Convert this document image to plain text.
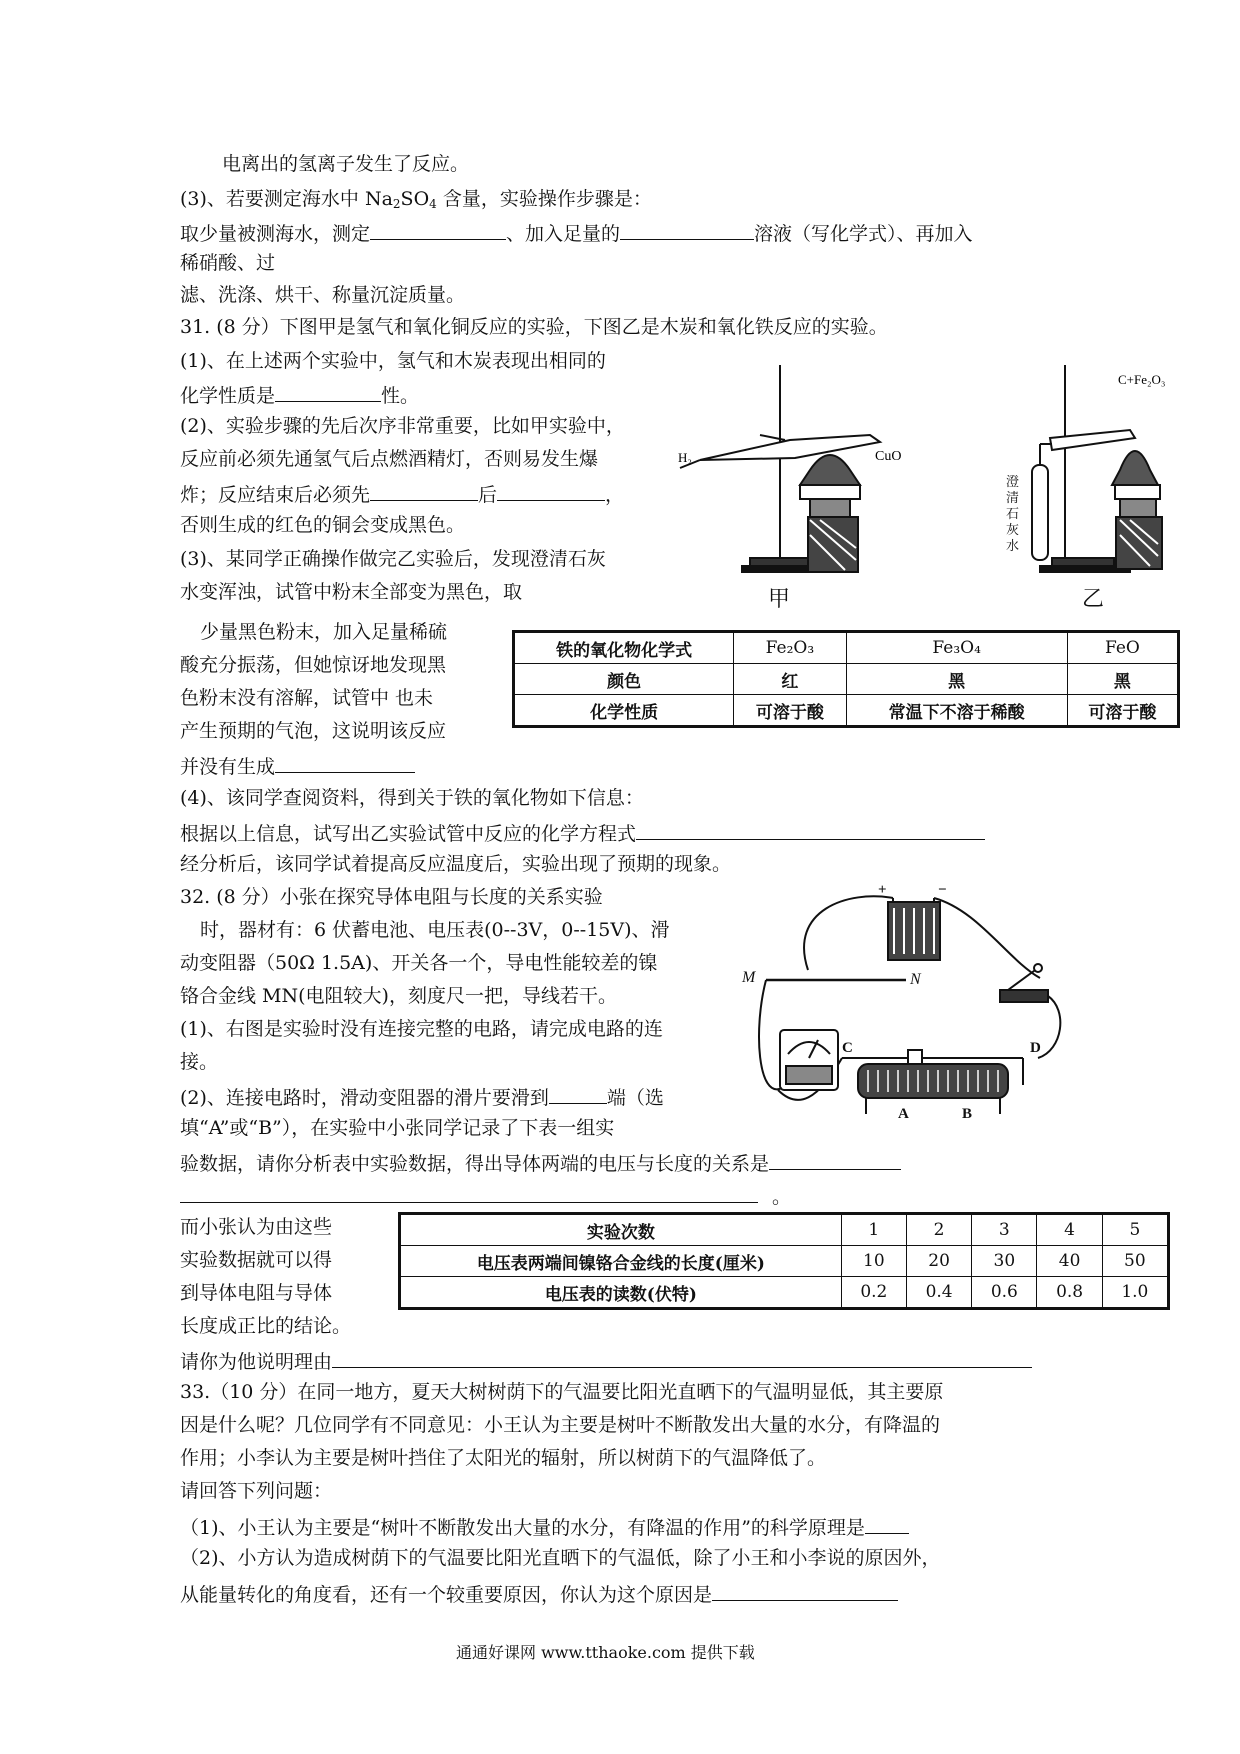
电离出的氢离子发生了反应。
(3)、若要测定海水中 $Na_2SO_4$ 含量，实验操作步骤是：
取少量被测海水，测定	、加入足量的	溶液（写化学式）、再加入
稀硝酸、过
滤、洗涤、烘干、称量沉淀质量。
31. (8 分）下图甲是氢气和氧化铜反应的实验，下图乙是木炭和氧化铁反应的实验。
(1)、在上述两个实验中，氢气和木炭表现出相同的
化学性质是	性。
(2)、实验步骤的先后次序非常重要，比如甲实验中，
反应前必须先通氢气后点燃酒精灯，否则易发生爆
炸；反应结束后必须先	后	，
否则生成的红色的铜会变成黑色。
(3)、某同学正确操作做完乙实验后，发现澄清石灰
水变浑浊，试管中粉末全部变为黑色，取
少量黑色粉末，加入足量稀硫
酸充分振荡，但她惊讶地发现黑
色粉末没有溶解，试管中 也未
产生预期的气泡，这说明该反应
并没有生成
(4)、该同学查阅资料，得到关于铁的氧化物如下信息：
根据以上信息，试写出乙实验试管中反应的化学方程式
经分析后，该同学试着提高反应温度后，实验出现了预期的现象。
铁的氧化物化学式	Fe₂O₃	Fe₃O₄	FeO
颜色	红	黑	黑
化学性质	可溶于酸	常温下不溶于稀酸	可溶于酸
H₂	CuO
C+Fe₂O₃
澄
清
石
灰
水
甲	乙
32. (8 分）小张在探究导体电阻与长度的关系实验
时，器材有：6 伏蓄电池、电压表(0--3V，0--15V)、滑
动变阻器（50Ω 1.5A)、开关各一个，导电性能较差的镍
铬合金线 MN(电阻较大)，刻度尺一把，导线若干。
(1)、右图是实验时没有连接完整的电路，请完成电路的连
接。
(2)、连接电路时，滑动变阻器的滑片要滑到	端（选
填“A”或“B”），在实验中小张同学记录了下表一组实
验数据，请你分析表中实验数据，得出导体两端的电压与长度的关系是
。
M	N
C	D
A	B
+	−
而小张认为由这些
实验数据就可以得
到导体电阻与导体
长度成正比的结论。
请你为他说明理由
实验次数	1	2	3	4	5
电压表两端间镍铬合金线的长度(厘米)	10	20	30	40	50
电压表的读数(伏特)	0.2	0.4	0.6	0.8	1.0
33.（10 分）在同一地方，夏天大树树荫下的气温要比阳光直晒下的气温明显低，其主要原
因是什么呢？几位同学有不同意见：小王认为主要是树叶不断散发出大量的水分，有降温的
作用；小李认为主要是树叶挡住了太阳光的辐射，所以树荫下的气温降低了。
请回答下列问题：
（1)、小王认为主要是“树叶不断散发出大量的水分，有降温的作用”的科学原理是
（2)、小方认为造成树荫下的气温要比阳光直晒下的气温低，除了小王和小李说的原因外，
从能量转化的角度看，还有一个较重要原因，你认为这个原因是
通通好课网 www.tthaoke.com 提供下载
